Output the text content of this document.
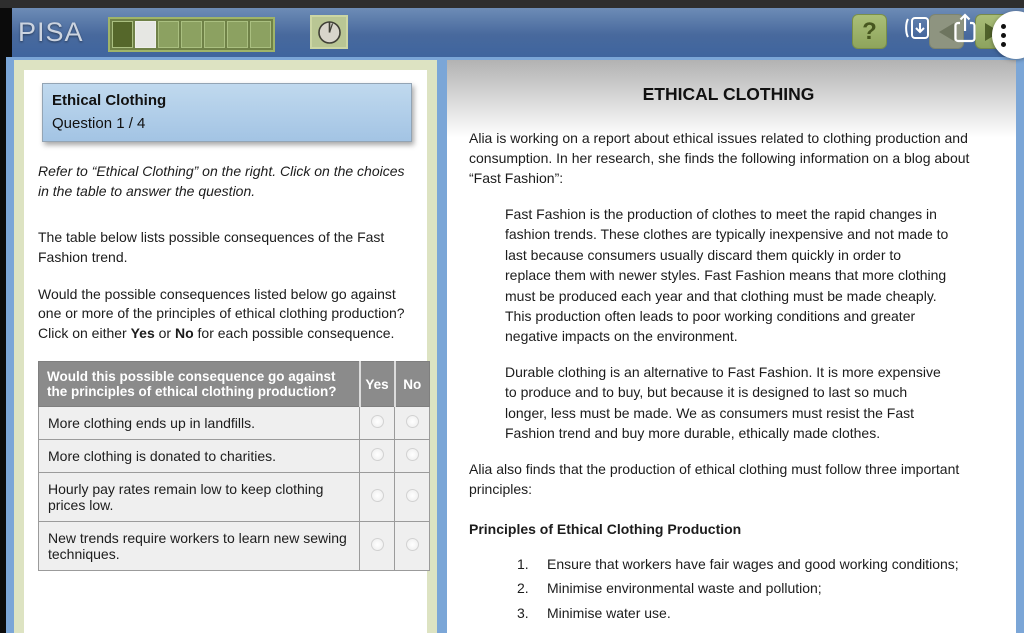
PISA	?
Ethical Clothing
Question 1 / 4
Refer to “Ethical Clothing” on the right. Click on the choices in the table to answer the question.
The table below lists possible consequences of the Fast Fashion trend.
Would the possible consequences listed below go against one or more of the principles of ethical clothing production? Click on either Yes or No for each possible consequence.
Would this possible consequence go against the principles of ethical clothing production?	Yes	No
More clothing ends up in landfills.		
More clothing is donated to charities.		
Hourly pay rates remain low to keep clothing prices low.		
New trends require workers to learn new sewing techniques.		
ETHICAL CLOTHING
Alia is working on a report about ethical issues related to clothing production and consumption. In her research, she finds the following information on a blog about “Fast Fashion”:
Fast Fashion is the production of clothes to meet the rapid changes in fashion trends. These clothes are typically inexpensive and not made to last because consumers usually discard them quickly in order to replace them with newer styles. Fast Fashion means that more clothing must be produced each year and that clothing must be made cheaply. This production often leads to poor working conditions and greater negative impacts on the environment.
Durable clothing is an alternative to Fast Fashion. It is more expensive to produce and to buy, but because it is designed to last so much longer, less must be made. We as consumers must resist the Fast Fashion trend and buy more durable, ethically made clothes.
Alia also finds that the production of ethical clothing must follow three important principles:
Principles of Ethical Clothing Production
1.	Ensure that workers have fair wages and good working conditions;
2.	Minimise environmental waste and pollution;
3.	Minimise water use.
